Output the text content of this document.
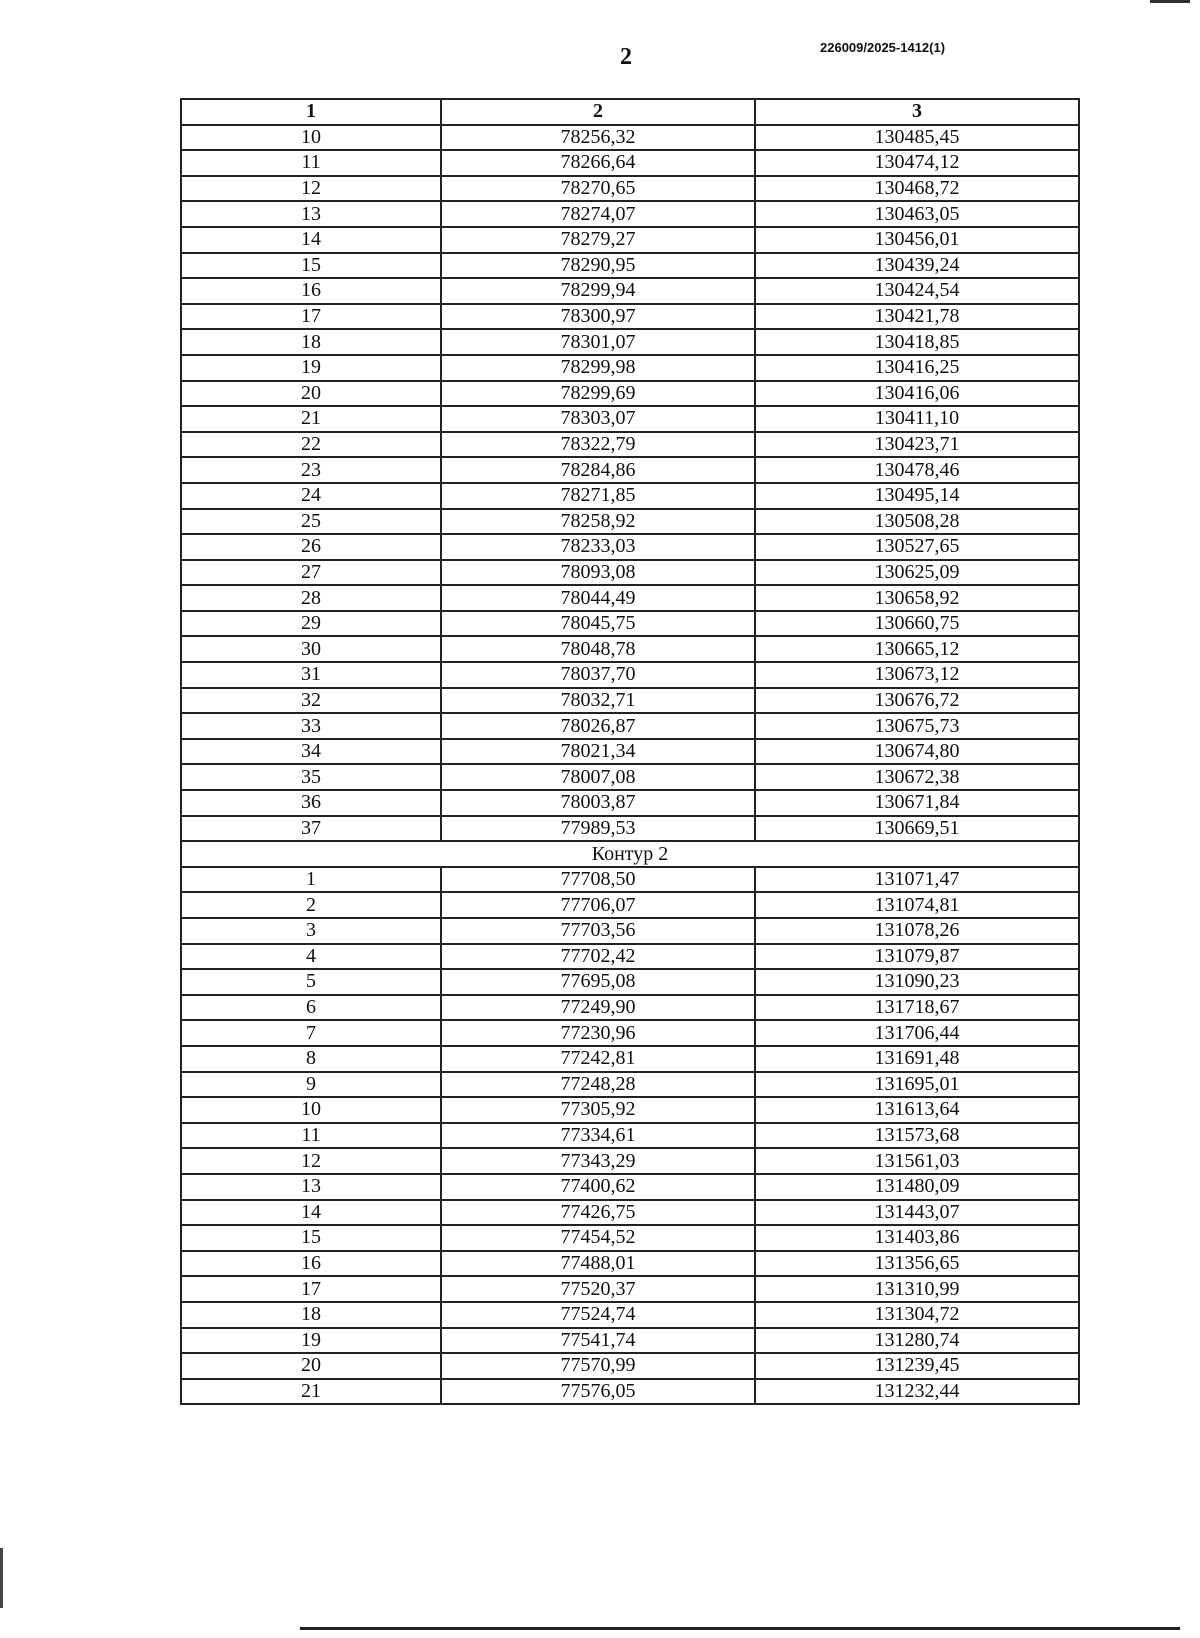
2	226009/2025-1412(1)
1	2	3
10	78256,32	130485,45
11	78266,64	130474,12
12	78270,65	130468,72
13	78274,07	130463,05
14	78279,27	130456,01
15	78290,95	130439,24
16	78299,94	130424,54
17	78300,97	130421,78
18	78301,07	130418,85
19	78299,98	130416,25
20	78299,69	130416,06
21	78303,07	130411,10
22	78322,79	130423,71
23	78284,86	130478,46
24	78271,85	130495,14
25	78258,92	130508,28
26	78233,03	130527,65
27	78093,08	130625,09
28	78044,49	130658,92
29	78045,75	130660,75
30	78048,78	130665,12
31	78037,70	130673,12
32	78032,71	130676,72
33	78026,87	130675,73
34	78021,34	130674,80
35	78007,08	130672,38
36	78003,87	130671,84
37	77989,53	130669,51
Контур 2		
1	77708,50	131071,47
2	77706,07	131074,81
3	77703,56	131078,26
4	77702,42	131079,87
5	77695,08	131090,23
6	77249,90	131718,67
7	77230,96	131706,44
8	77242,81	131691,48
9	77248,28	131695,01
10	77305,92	131613,64
11	77334,61	131573,68
12	77343,29	131561,03
13	77400,62	131480,09
14	77426,75	131443,07
15	77454,52	131403,86
16	77488,01	131356,65
17	77520,37	131310,99
18	77524,74	131304,72
19	77541,74	131280,74
20	77570,99	131239,45
21	77576,05	131232,44
